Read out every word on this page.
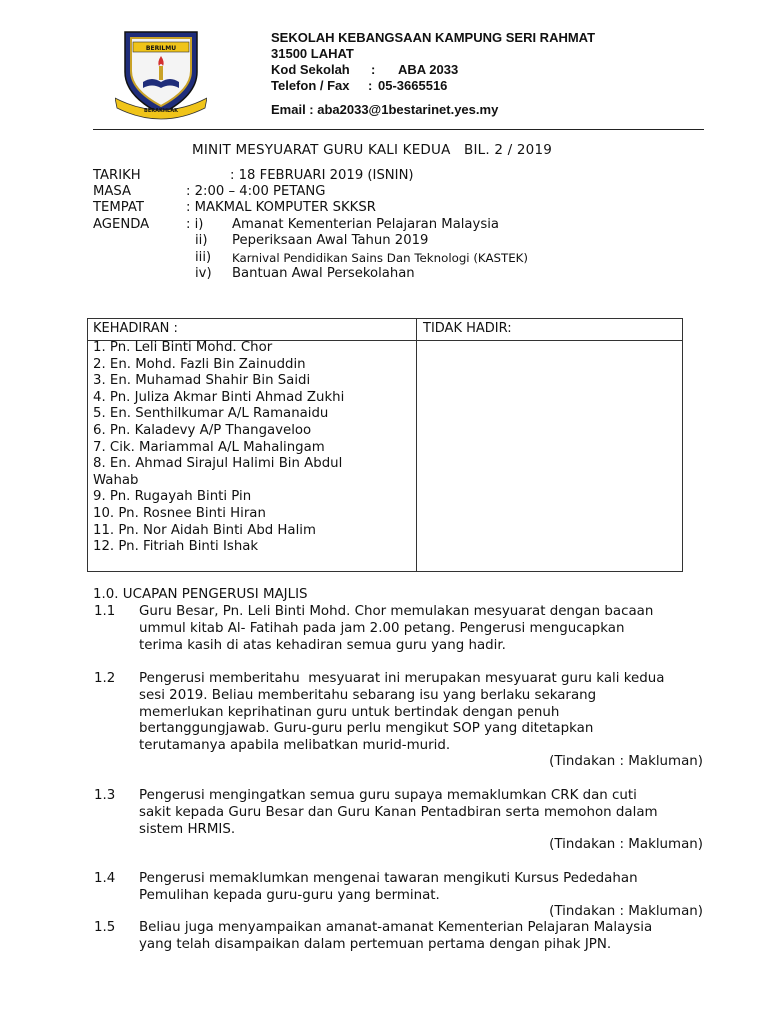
BERILMU
BERAKHLAK
SEKOLAH KEBANGSAAN KAMPUNG SERI RAHMAT
31500 LAHAT
Kod Sekolah : ABA 2033
Telefon / Fax : 05-3665516
Email : aba2033@1bestarinet.yes.my
MINIT MESYUARAT GURU KALI KEDUA   BIL. 2 / 2019
TARIKH	: 18 FEBRUARI 2019 (ISNIN)
MASA	: 2:00 – 4:00 PETANG
TEMPAT	: MAKMAL KOMPUTER SKKSR
AGENDA	: i) Amanat Kementerian Pelajaran Malaysia
ii) Peperiksaan Awal Tahun 2019
iii) Karnival Pendidikan Sains Dan Teknologi (KASTEK)
iv) Bantuan Awal Persekolahan
KEHADIRAN :	TIDAK HADIR:
1. Pn. Leli Binti Mohd. Chor
2. En. Mohd. Fazli Bin Zainuddin
3. En. Muhamad Shahir Bin Saidi
4. Pn. Juliza Akmar Binti Ahmad Zukhi
5. En. Senthilkumar A/L Ramanaidu
6. Pn. Kaladevy A/P Thangaveloo
7. Cik. Mariammal A/L Mahalingam
8. En. Ahmad Sirajul Halimi Bin Abdul
Wahab
9. Pn. Rugayah Binti Pin
10. Pn. Rosnee Binti Hiran
11. Pn. Nor Aidah Binti Abd Halim
12. Pn. Fitriah Binti Ishak
1.0. UCAPAN PENGERUSI MAJLIS
1.1 Guru Besar, Pn. Leli Binti Mohd. Chor memulakan mesyuarat dengan bacaan
ummul kitab Al- Fatihah pada jam 2.00 petang. Pengerusi mengucapkan
terima kasih di atas kehadiran semua guru yang hadir.
1.2 Pengerusi memberitahu  mesyuarat ini merupakan mesyuarat guru kali kedua
sesi 2019. Beliau memberitahu sebarang isu yang berlaku sekarang
memerlukan keprihatinan guru untuk bertindak dengan penuh
bertanggungjawab. Guru-guru perlu mengikut SOP yang ditetapkan
terutamanya apabila melibatkan murid-murid.
(Tindakan : Makluman)
1.3 Pengerusi mengingatkan semua guru supaya memaklumkan CRK dan cuti
sakit kepada Guru Besar dan Guru Kanan Pentadbiran serta memohon dalam
sistem HRMIS.
(Tindakan : Makluman)
1.4 Pengerusi memaklumkan mengenai tawaran mengikuti Kursus Pededahan
Pemulihan kepada guru-guru yang berminat.
(Tindakan : Makluman)
1.5 Beliau juga menyampaikan amanat-amanat Kementerian Pelajaran Malaysia
yang telah disampaikan dalam pertemuan pertama dengan pihak JPN.
